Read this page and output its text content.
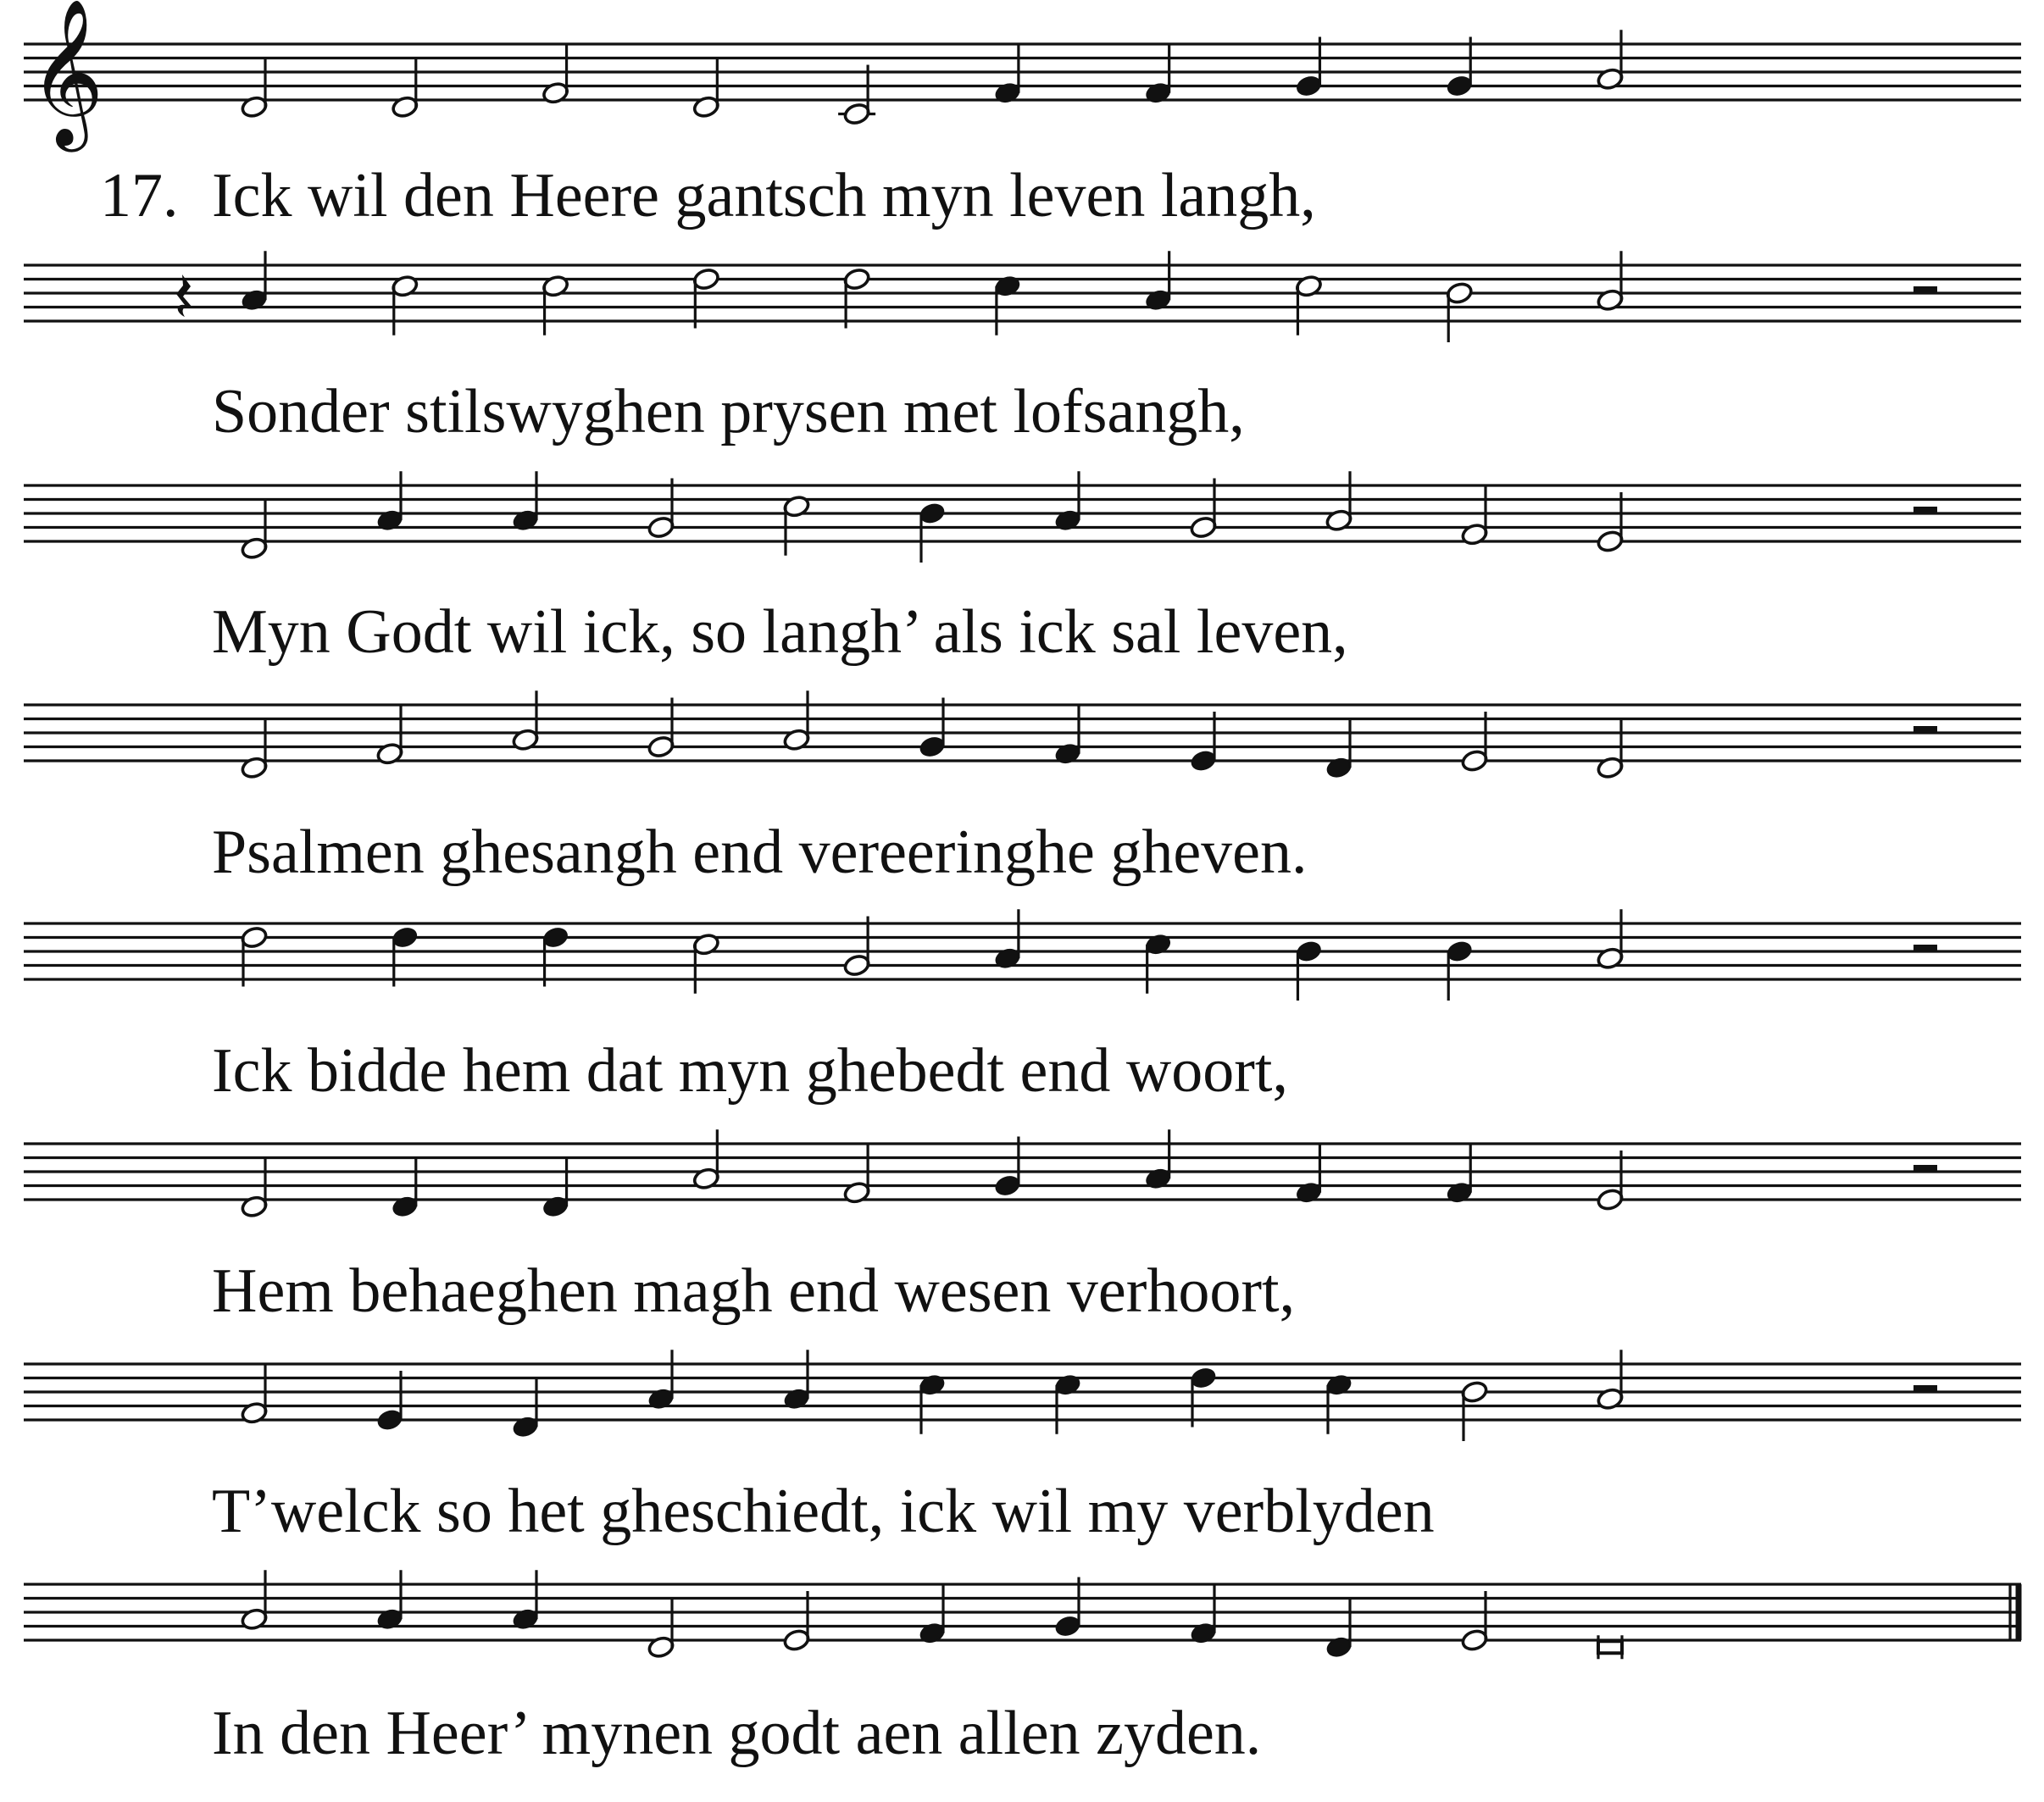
𝄞
17. Ick wil den Heere gantsch myn leven langh,
Sonder stilswyghen prysen met lofsangh,
Myn Godt wil ick, so langh’ als ick sal leven,
Psalmen ghesangh end vereeringhe gheven.
Ick bidde hem dat myn ghebedt end woort,
Hem behaeghen magh end wesen verhoort,
T’welck so het gheschiedt, ick wil my verblyden
In den Heer’ mynen godt aen allen zyden.
